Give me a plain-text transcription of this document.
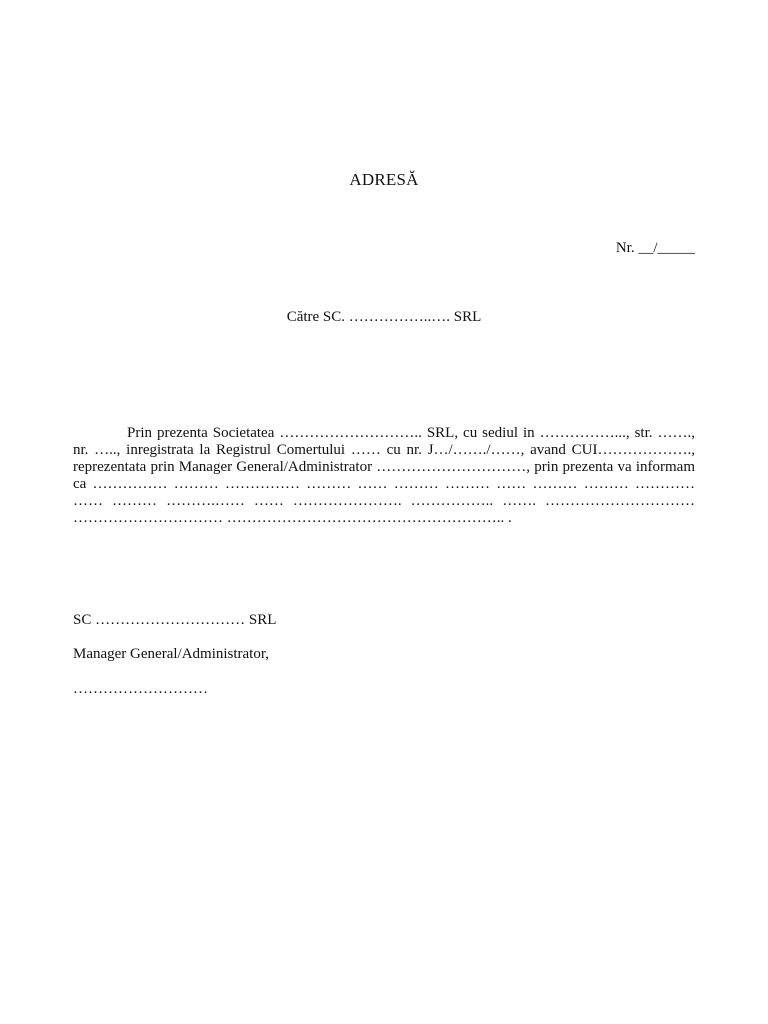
ADRESĂ
Nr. __/_____
Către SC. ……………..…. SRL

Prin prezenta Societatea ……………………….. SRL, cu sediul in ……………..., str. ……., nr. ….., inregistrata la Registrul Comertului …… cu nr. J…/……./……, avand CUI………………., reprezentata prin Manager General/Administrator …………………………, prin prezenta va informam ca …………… ……… …………… ……… …… ……… ……… …… ……… ……… ………… …… ……… ……….…… …… …………………. …………….. ……. ………………………… ………………………… ……………………………………………….. .

SC ………………………… SRL
Manager General/Administrator,
………………………
